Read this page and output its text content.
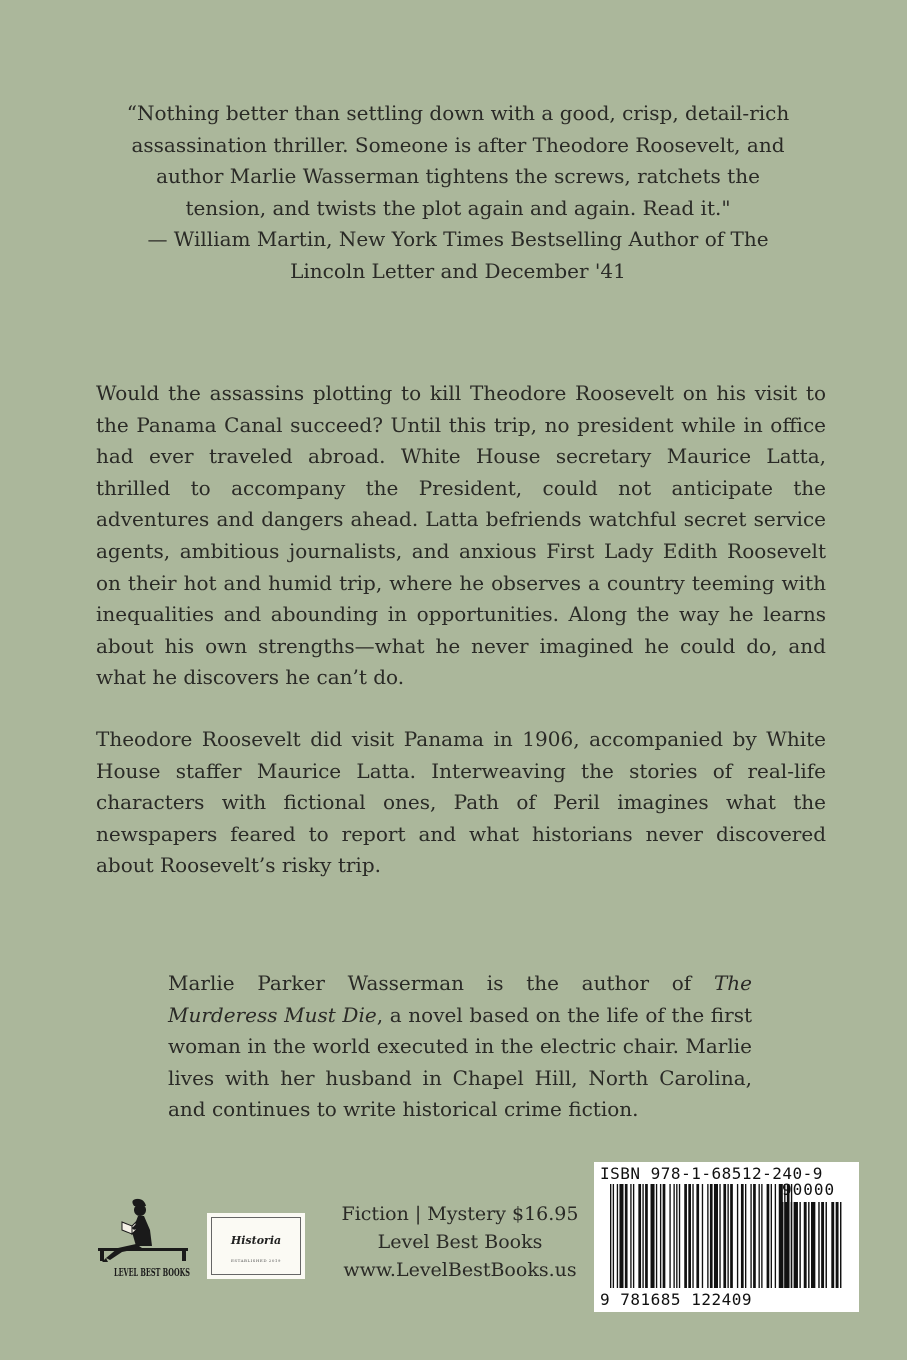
“Nothing better than settling down with a good, crisp, detail-rich
assassination thriller. Someone is after Theodore Roosevelt, and
author Marlie Wasserman tightens the screws, ratchets the
tension, and twists the plot again and again. Read it."
— William Martin, New York Times Bestselling Author of The
Lincoln Letter and December '41

Would the assassins plotting to kill Theodore Roosevelt on his visit to the Panama Canal succeed? Until this trip, no president while in office had ever traveled abroad. White House secretary Maurice Latta, thrilled to accompany the President, could not anticipate the adventures and dangers ahead. Latta befriends watchful secret service agents, ambitious journalists, and anxious First Lady Edith Roosevelt on their hot and humid trip, where he observes a country teeming with inequalities and abounding in opportunities. Along the way he learns about his own strengths—what he never imagined he could do, and what he discovers he can’t do.

Theodore Roosevelt did visit Panama in 1906, accompanied by White House staffer Maurice Latta. Interweaving the stories of real-life characters with fictional ones, Path of Peril imagines what the newspapers feared to report and what historians never discovered about Roosevelt’s risky trip.

Marlie Parker Wasserman is the author of The Murderess Must Die, a novel based on the life of the first woman in the world executed in the electric chair. Marlie lives with her husband in Chapel Hill, North Carolina, and continues to write historical crime fiction.

LEVEL BEST BOOKS
Historia
ESTABLISHED 2019
Fiction | Mystery $16.95
Level Best Books
www.LevelBestBooks.us
ISBN 978-1-68512-240-9
90000
9 781685 122409
